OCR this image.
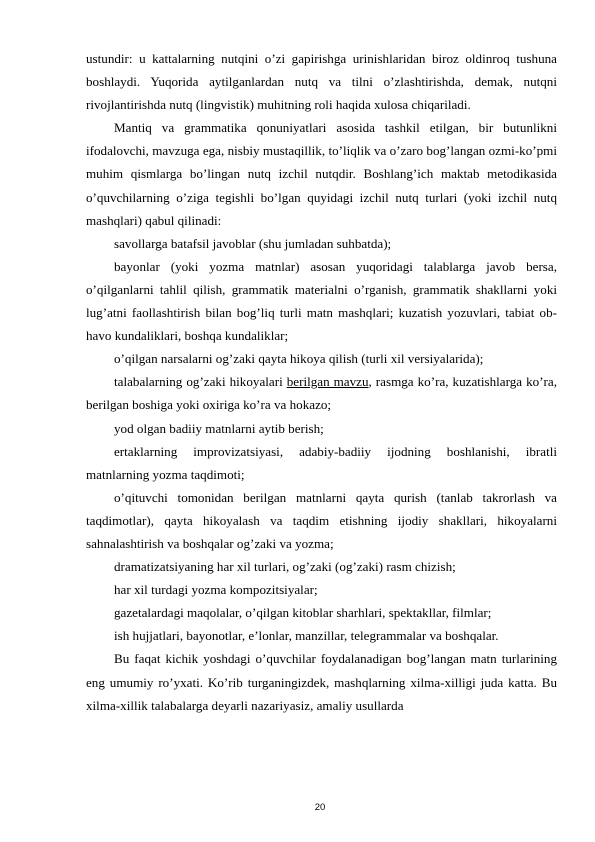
ustundir: u kattalarning nutqini o’zi gapirishga urinishlaridan biroz oldinroq tushuna boshlaydi. Yuqorida aytilganlardan nutq va tilni o’zlashtirishda, demak, nutqni rivojlantirishda nutq (lingvistik) muhitning roli haqida xulosa chiqariladi.

Mantiq va grammatika qonuniyatlari asosida tashkil etilgan, bir butunlikni ifodalovchi, mavzuga ega, nisbiy mustaqillik, to’liqlik va o’zaro bog’langan ozmi-ko’pmi muhim qismlarga bo’lingan nutq izchil nutqdir. Boshlang’ich maktab metodikasida o’quvchilarning o’ziga tegishli bo’lgan quyidagi izchil nutq turlari (yoki izchil nutq mashqlari) qabul qilinadi:

savollarga batafsil javoblar (shu jumladan suhbatda);

bayonlar (yoki yozma matnlar) asosan yuqoridagi talablarga javob bersa, o’qilganlarni tahlil qilish, grammatik materialni o’rganish, grammatik shakllarni yoki lug’atni faollashtirish bilan bog’liq turli matn mashqlari; kuzatish yozuvlari, tabiat ob-havo kundaliklari, boshqa kundaliklar;

o’qilgan narsalarni og’zaki qayta hikoya qilish (turli xil versiyalarida);

talabalarning og’zaki hikoyalari berilgan mavzu, rasmga ko’ra, kuzatishlarga ko’ra, berilgan boshiga yoki oxiriga ko’ra va hokazo;

yod olgan badiiy matnlarni aytib berish;

ertaklarning improvizatsiyasi, adabiy-badiiy ijodning boshlanishi, ibratli matnlarning yozma taqdimoti;

o’qituvchi tomonidan berilgan matnlarni qayta qurish (tanlab takrorlash va taqdimotlar), qayta hikoyalash va taqdim etishning ijodiy shakllari, hikoyalarni sahnalashtirish va boshqalar og’zaki va yozma;

dramatizatsiyaning har xil turlari, og’zaki (og’zaki) rasm chizish;

har xil turdagi yozma kompozitsiyalar;

gazetalardagi maqolalar, o’qilgan kitoblar sharhlari, spektakllar, filmlar;

ish hujjatlari, bayonotlar, e’lonlar, manzillar, telegrammalar va boshqalar.

Bu faqat kichik yoshdagi o’quvchilar foydalanadigan bog’langan matn turlarining eng umumiy ro’yxati. Ko’rib turganingizdek, mashqlarning xilma-xilligi juda katta. Bu xilma-xillik talabalarga deyarli nazariyasiz, amaliy usullarda

20
